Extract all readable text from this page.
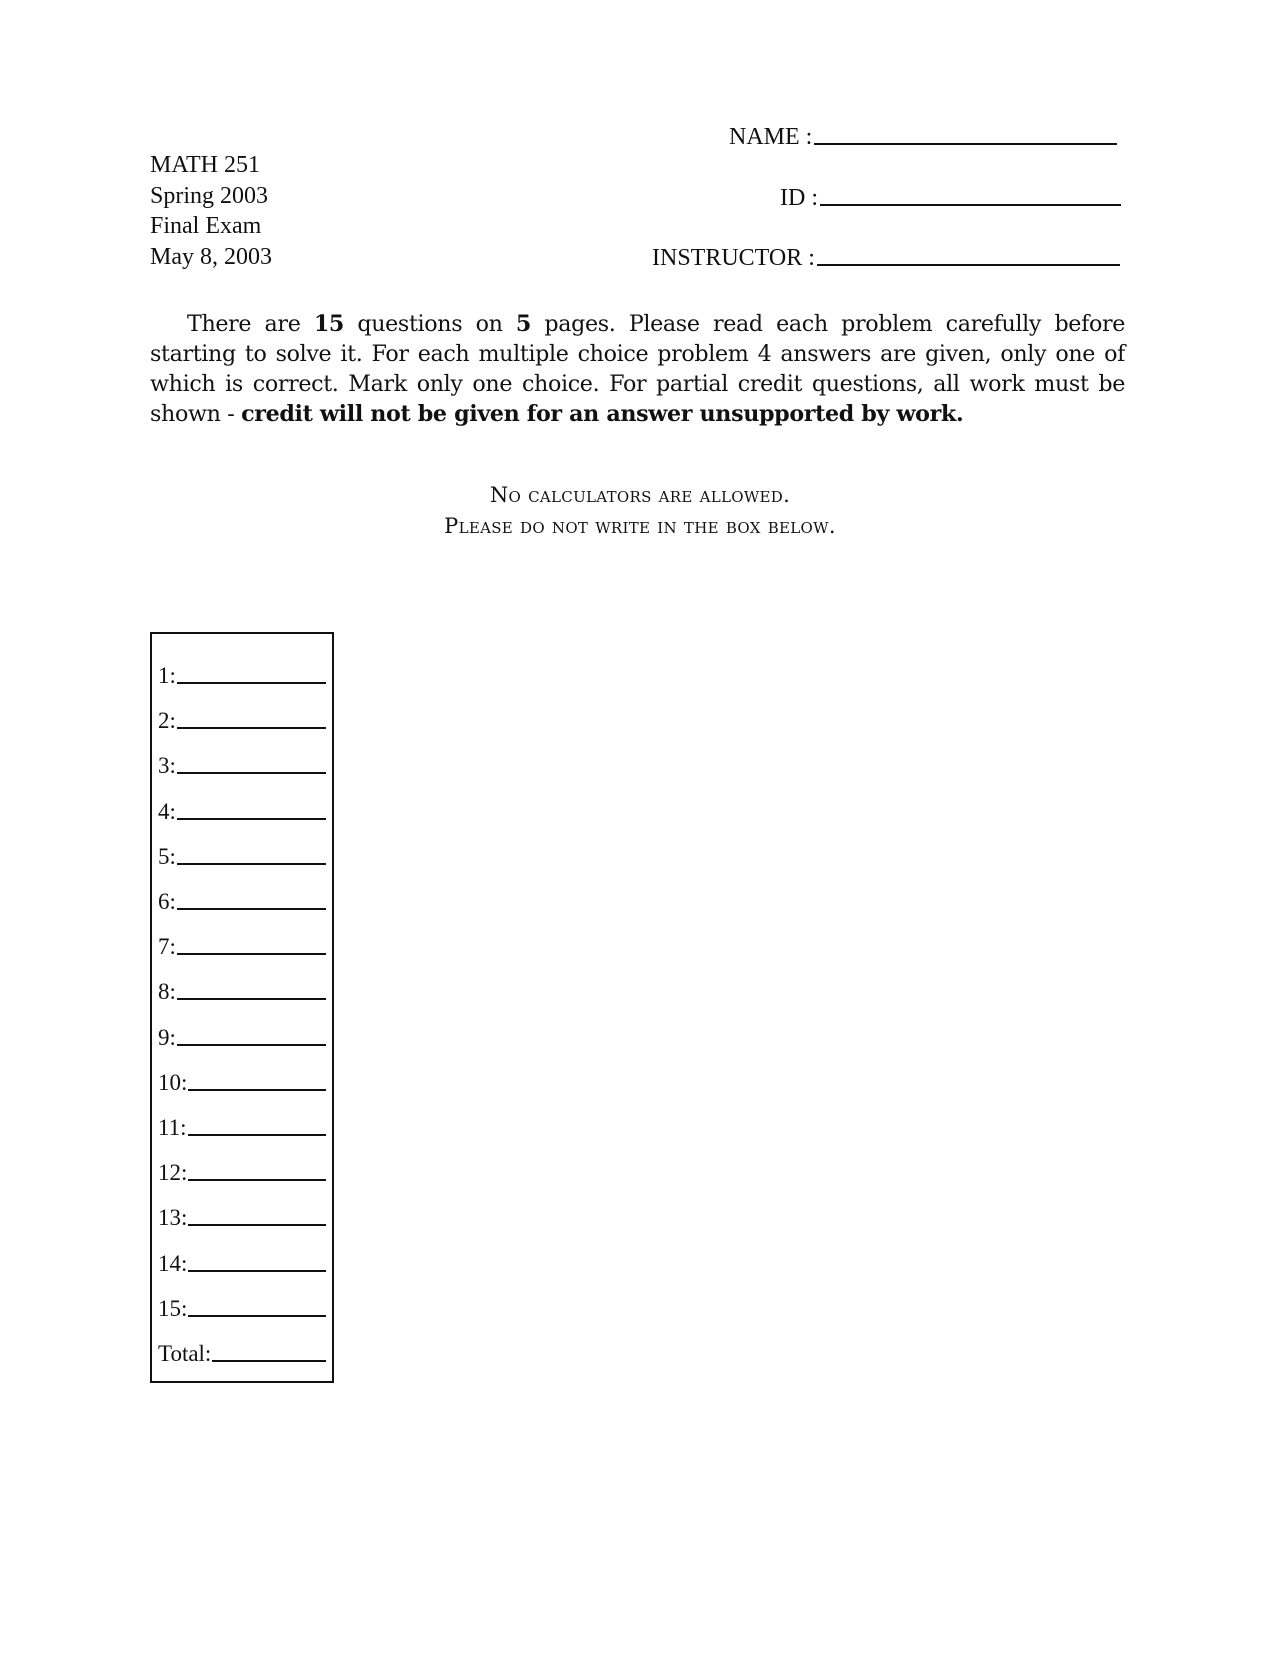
MATH 251
Spring 2003
Final Exam
May 8, 2003
NAME :
ID :
INSTRUCTOR :
There are 15 questions on 5 pages. Please read each problem carefully before starting to solve it. For each multiple choice problem 4 answers are given, only one of which is correct. Mark only one choice. For partial credit questions, all work must be shown - credit will not be given for an answer unsupported by work.
No calculators are allowed.
Please do not write in the box below.
1:
2:
3:
4:
5:
6:
7:
8:
9:
10:
11:
12:
13:
14:
15:
Total:
